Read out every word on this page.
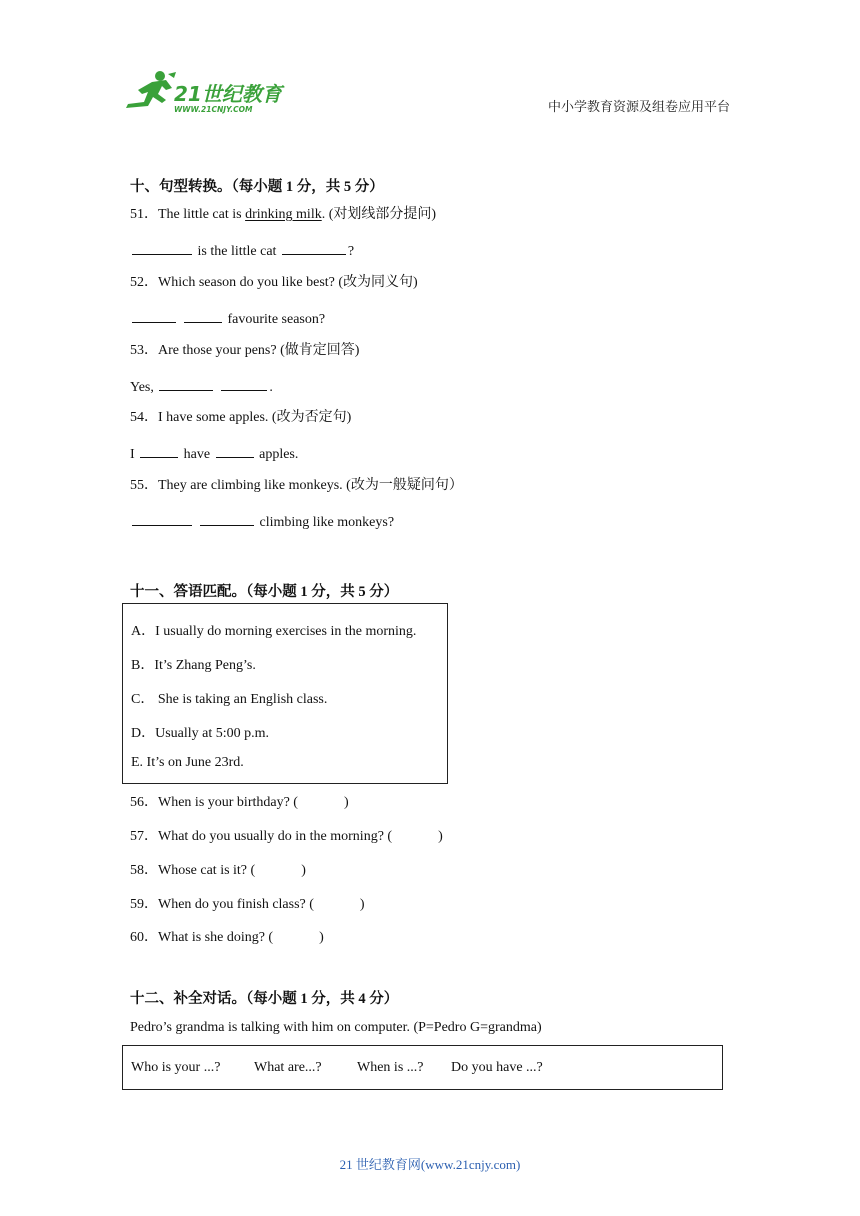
21世纪教育
WWW.21CNJY.COM	中小学教育资源及组卷应用平台
十、句型转换。（每小题 1 分，共 5 分）
51．The little cat is drinking milk. (对划线部分提问)
is the little cat	?
52．Which season do you like best? (改为同义句)
favourite season?
53．Are those your pens? (做肯定回答)
Yes,	.
54．I have some apples. (改为否定句)
I	have	apples.
55．They are climbing like monkeys. (改为一般疑问句）
climbing like monkeys?
十一、答语匹配。（每小题 1 分，共 5 分）
A．I usually do morning exercises in the morning.
B．It’s Zhang Peng’s.
C． She is taking an English class.
D．Usually at 5:00 p.m.
E. It’s on June 23rd.
56．When is your birthday? (	)
57．What do you usually do in the morning? (	)
58．Whose cat is it? (	)
59．When do you finish class? (	)
60．What is she doing? (	)
十二、补全对话。（每小题 1 分，共 4 分）
Pedro’s grandma is talking with him on computer. (P=Pedro G=grandma)
Who is your ...? What are...?	When is ...? Do you have ...?
21 世纪教育网(www.21cnjy.com)
